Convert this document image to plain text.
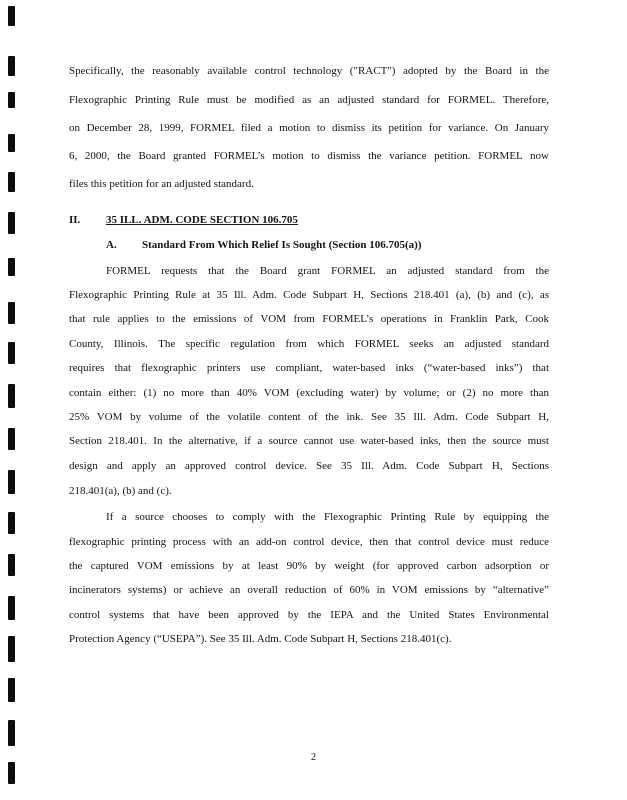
Specifically, the reasonably available control technology ("RACT") adopted by the Board in the
Flexographic Printing Rule must be modified as an adjusted standard for FORMEL. Therefore,
on December 28, 1999, FORMEL filed a motion to dismiss its petition for variance. On January
6, 2000, the Board granted FORMEL’s motion to dismiss the variance petition. FORMEL now
files this petition for an adjusted standard.
II. 35 ILL. ADM. CODE SECTION 106.705
A. Standard From Which Relief Is Sought (Section 106.705(a))
FORMEL requests that the Board grant FORMEL an adjusted standard from the
Flexographic Printing Rule at 35 Ill. Adm. Code Subpart H, Sections 218.401 (a), (b) and (c), as
that rule applies to the emissions of VOM from FORMEL’s operations in Franklin Park, Cook
County, Illinois. The specific regulation from which FORMEL seeks an adjusted standard
requires that flexographic printers use compliant, water-based inks (“water-based inks”) that
contain either: (1) no more than 40% VOM (excluding water) by volume; or (2) no more than
25% VOM by volume of the volatile content of the ink. See 35 Ill. Adm. Code Subpart H,
Section 218.401. In the alternative, if a source cannot use water-based inks, then the source must
design and apply an approved control device. See 35 Ill. Adm. Code Subpart H, Sections
218.401(a), (b) and (c).
If a source chooses to comply with the Flexographic Printing Rule by equipping the
flexographic printing process with an add-on control device, then that control device must reduce
the captured VOM emissions by at least 90% by weight (for approved carbon adsorption or
incinerators systems) or achieve an overall reduction of 60% in VOM emissions by “alternative”
control systems that have been approved by the IEPA and the United States Environmental
Protection Agency (“USEPA”). See 35 Ill. Adm. Code Subpart H, Sections 218.401(c).
2
